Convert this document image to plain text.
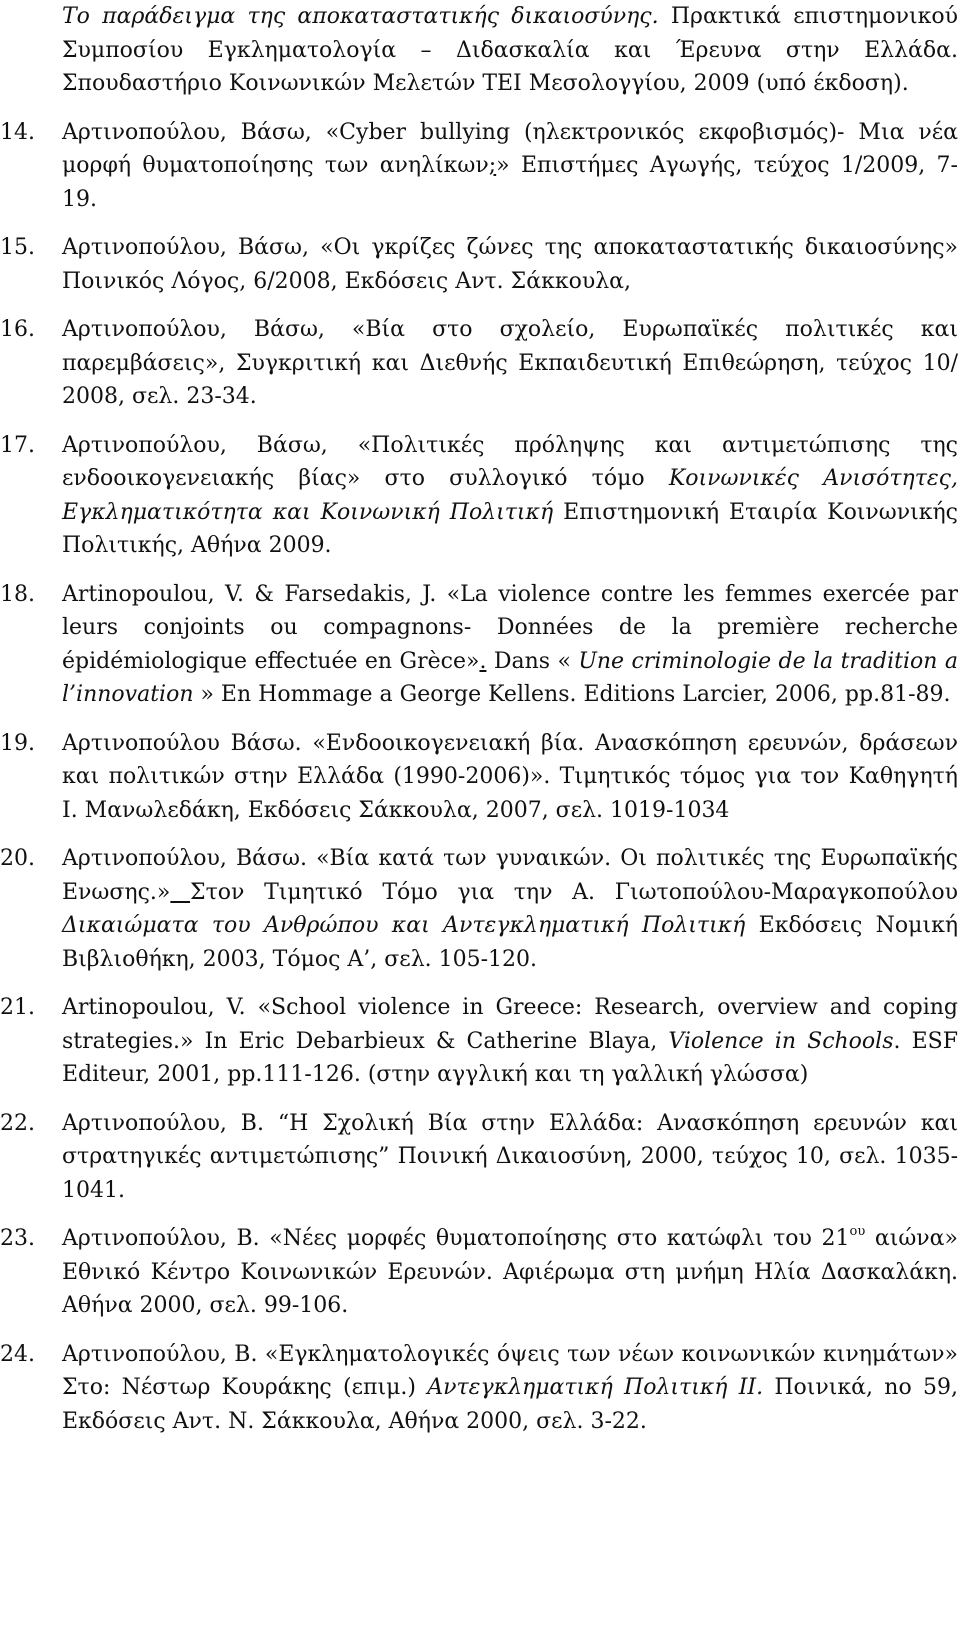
Το παράδειγμα της αποκαταστατικής δικαιοσύνης. Πρακτικά επιστημονικού Συμποσίου Εγκληματολογία – Διδασκαλία και Έρευνα στην Ελλάδα. Σπουδαστήριο Κοινωνικών Μελετών ΤΕΙ Μεσολογγίου, 2009 (υπό έκδοση).

14.	Αρτινοπούλου, Βάσω, «Cyber bullying (ηλεκτρονικός εκφοβισμός)- Μια νέα μορφή θυματοποίησης των ανηλίκων;» Επιστήμες Αγωγής, τεύχος 1/2009, 7-19.

15.	Αρτινοπούλου, Βάσω, «Οι γκρίζες ζώνες της αποκαταστατικής δικαιοσύνης» Ποινικός Λόγος, 6/2008, Εκδόσεις Αντ. Σάκκουλα,

16.	Αρτινοπούλου, Βάσω, «Βία στο σχολείο, Ευρωπαϊκές πολιτικές και παρεμβάσεις», Συγκριτική και Διεθνής Εκπαιδευτική Επιθεώρηση, τεύχος 10/ 2008, σελ. 23-34.

17.	Αρτινοπούλου, Βάσω, «Πολιτικές πρόληψης και αντιμετώπισης της ενδοοικογενειακής βίας» στο συλλογικό τόμο Κοινωνικές Ανισότητες, Εγκληματικότητα και Κοινωνική Πολιτική Επιστημονική Εταιρία Κοινωνικής Πολιτικής, Αθήνα 2009.

18.	Artinopoulou, V. & Farsedakis, J. «La violence contre les femmes exercée par leurs conjoints ou compagnons- Données de la première recherche épidémiologique effectuée en Grèce». Dans « Une criminologie de la tradition a l’innovation » En Hommage a George Kellens. Editions Larcier, 2006, pp.81-89.

19.	Αρτινοπούλου Βάσω. «Ενδοοικογενειακή βία. Ανασκόπηση ερευνών, δράσεων και πολιτικών στην Ελλάδα (1990-2006)». Τιμητικός τόμος για τον Καθηγητή Ι. Μανωλεδάκη, Εκδόσεις Σάκκουλα, 2007, σελ. 1019-1034

20.	Αρτινοπούλου, Βάσω. «Βία κατά των γυναικών. Οι πολιτικές της Ευρωπαϊκής Ενωσης.» Στον Τιμητικό Τόμο για την Α. Γιωτοπούλου-Μαραγκοπούλου Δικαιώματα του Ανθρώπου και Αντεγκληματική Πολιτική Εκδόσεις Νομική Βιβλιοθήκη, 2003, Τόμος Α’, σελ. 105-120.

21.	Artinopoulou, V. «School violence in Greece: Research, overview and coping strategies.» In Eric Debarbieux & Catherine Blaya, Violence in Schools. ESF Editeur, 2001, pp.111-126. (στην αγγλική και τη γαλλική γλώσσα)

22.	Αρτινοπούλου, Β. “Η Σχολική Βία στην Ελλάδα: Ανασκόπηση ερευνών και στρατηγικές αντιμετώπισης” Ποινική Δικαιοσύνη, 2000, τεύχος 10, σελ. 1035-1041.

23.	Αρτινοπούλου, Β. «Νέες μορφές θυματοποίησης στο κατώφλι του $21^{o\upsilon}$ αιώνα» Εθνικό Κέντρο Κοινωνικών Ερευνών. Αφιέρωμα στη μνήμη Ηλία Δασκαλάκη. Αθήνα 2000, σελ. 99-106.

24.	Αρτινοπούλου, Β. «Εγκληματολογικές όψεις των νέων κοινωνικών κινημάτων» Στο: Νέστωρ Κουράκης (επιμ.) Αντεγκληματική Πολιτική ΙΙ. Ποινικά, no 59, Εκδόσεις Αντ. Ν. Σάκκουλα, Αθήνα 2000, σελ. 3-22.
